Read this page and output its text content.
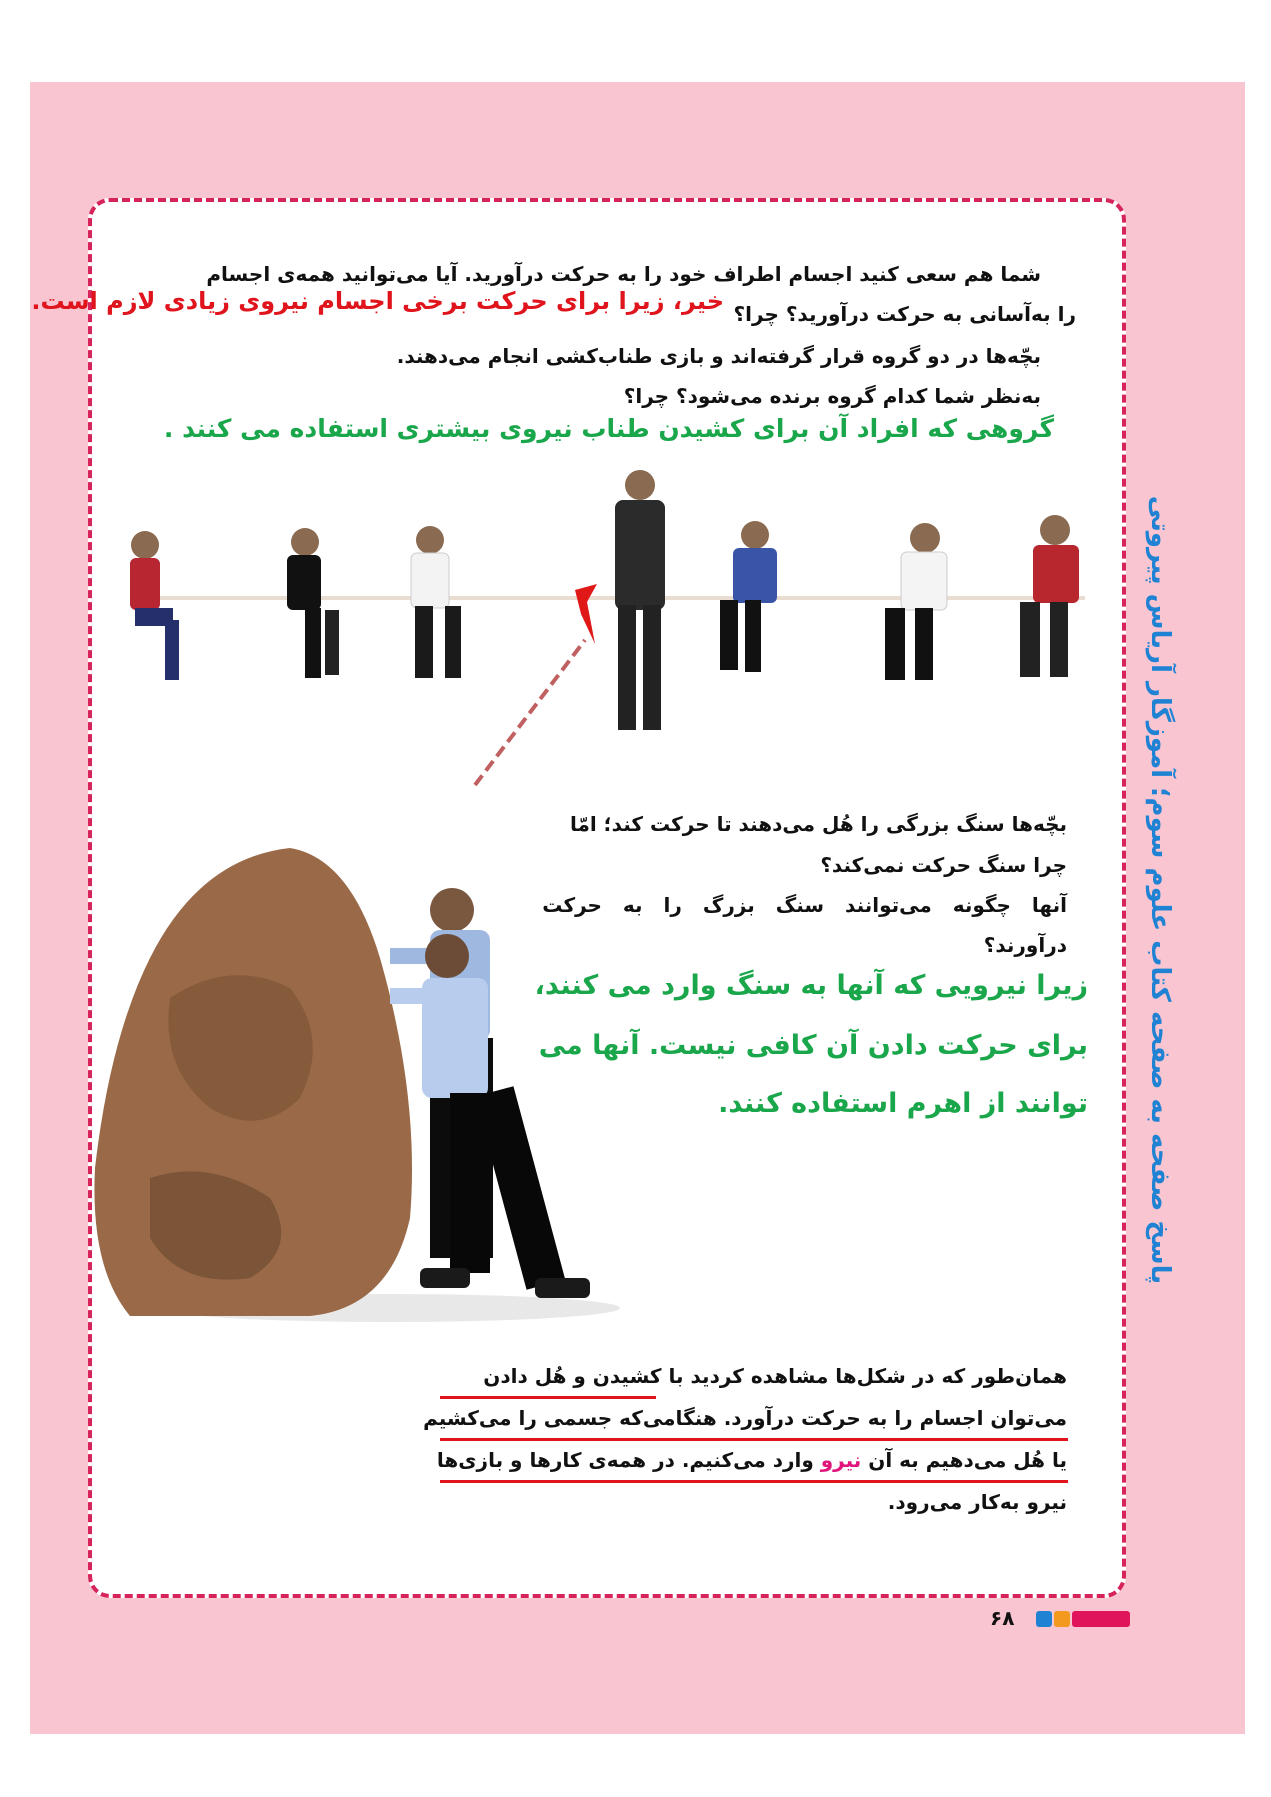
شما هم سعی کنید اجسام اطراف خود را به حرکت درآورید. آیا می‌توانید همه‌ی اجسام
را به‌آسانی به حرکت درآورید؟ چرا؟
خیر، زیرا برای حرکت برخی اجسام نیروی زیادی لازم است.
بچّه‌ها در دو گروه قرار گرفته‌اند و بازی طناب‌کشی انجام می‌دهند.
به‌نظر شما کدام گروه برنده می‌شود؟ چرا؟
گروهی که افراد آن برای کشیدن طناب نیروی بیشتری استفاده می کنند .
بچّه‌ها سنگ بزرگی را هُل می‌دهند تا حرکت کند؛ امّا
چرا سنگ حرکت نمی‌کند؟
آنها چگونه می‌توانند سنگ بزرگ را به حرکت
درآورند؟
زیرا نیرویی که آنها به سنگ وارد می کنند،
برای حرکت دادن آن کافی نیست. آنها می
توانند از اهرم استفاده کنند.
همان‌طور که در شکل‌ها مشاهده کردید با کشیدن و هُل دادن
می‌توان اجسام را به حرکت درآورد. هنگامی‌که جسمی را می‌کشیم
یا هُل می‌دهیم به آن نیرو وارد می‌کنیم. در همه‌ی کارها و بازی‌ها
نیرو به‌کار می‌رود.
پاسخ صفحه به صفحه کتاب علوم سوم؛ آموزگار آریاس پیروتی
۶۸
